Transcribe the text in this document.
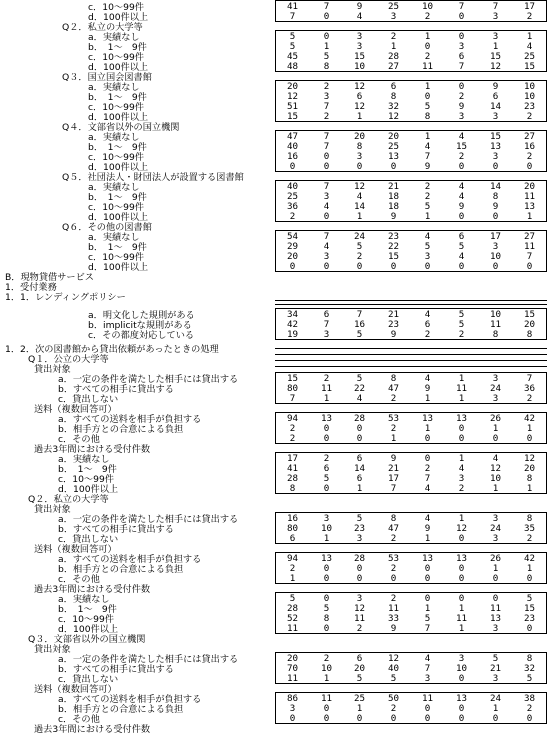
c．10～99件
d．100件以上
Q２．私立の大学等
a．実績なし
b．　1～　9件
c．10～99件
d．100件以上
Q３．国立国会図書館
a．実績なし
b．　1～　9件
c．10～99件
d．100件以上
Q４．文部省以外の国立機関
a．実績なし
b．　1～　9件
c．10～99件
d．100件以上
Q５．社団法人・財団法人が設置する図書館
a．実績なし
b．　1～　9件
c．10～99件
d．100件以上
Q６．その他の図書館
a．実績なし
b．　1～　9件
c．10～99件
d．100件以上
B．現物貸借サービス
1．受付業務
1．1．レンディングポリシー
a．明文化した規則がある
b．implicitな規則がある
c．その都度対応している
1．2．次の図書館から貸出依頼があったときの処理
Q１．公立の大学等
貸出対象
a．一定の条件を満たした相手には貸出する
b．すべての相手に貸出する
c．貸出しない
送料（複数回答可）
a．すべての送料を相手が負担する
b．相手方との合意による負担
c．その他
過去3年間における受付件数
a．実績なし
b．　1～　9件
c．10～99件
d．100件以上
Q２．私立の大学等
貸出対象
a．一定の条件を満たした相手には貸出する
b．すべての相手に貸出する
c．貸出しない
送料（複数回答可）
a．すべての送料を相手が負担する
b．相手方との合意による負担
c．その他
過去3年間における受付件数
a．実績なし
b．　1～　9件
c．10～99件
d．100件以上
Q３．文部省以外の国立機関
貸出対象
a．一定の条件を満たした相手には貸出する
b．すべての相手に貸出する
c．貸出しない
送料（複数回答可）
a．すべての送料を相手が負担する
b．相手方との合意による負担
c．その他
過去3年間における受付件数
41
7
7
0
9
4
25
3
10
2
7
0
7
3
17
2
5
5
45
48
0
1
5
8
3
3
15
10
2
1
28
27
1
0
2
11
0
3
6
7
3
1
15
12
1
4
25
15
20
12
51
15
2
3
7
2
12
6
12
1
6
8
32
12
1
0
5
8
0
2
9
3
9
6
14
3
10
10
23
2
47
40
16
0
7
7
0
0
20
8
3
0
20
25
13
0
1
4
7
9
4
15
2
0
15
13
3
0
27
16
2
0
40
25
36
2
7
3
4
0
12
4
14
1
21
18
18
9
2
2
5
1
4
4
9
0
14
8
9
0
20
11
13
1
54
29
20
0
7
4
3
0
24
5
2
0
23
22
15
0
4
5
3
0
6
5
4
0
17
3
10
0
27
11
7
0
34
42
19
6
7
3
7
16
5
21
23
9
4
6
2
5
5
2
10
11
8
15
20
8
15
80
7
2
11
1
5
22
4
8
47
2
4
9
1
1
11
1
3
24
3
7
36
2
94
2
2
13
0
0
28
0
0
53
2
1
13
1
0
13
0
0
26
1
0
42
1
0
17
41
28
8
2
6
5
0
6
14
6
1
9
21
17
7
0
2
7
4
1
4
3
2
4
12
10
1
12
20
8
1
16
80
6
3
10
1
5
23
3
8
47
2
4
9
1
1
12
0
3
24
3
8
35
2
94
2
1
13
0
0
28
0
0
53
2
0
13
0
0
13
0
0
26
1
0
42
1
0
5
28
52
11
0
5
8
0
3
12
11
2
2
11
33
9
0
1
5
7
0
1
11
1
0
11
13
3
5
15
23
0
20
70
11
2
10
1
6
20
5
12
40
5
4
7
3
3
10
0
5
21
3
8
32
5
86
3
0
11
0
0
25
1
0
50
2
0
11
0
0
13
0
0
24
1
0
38
2
0
